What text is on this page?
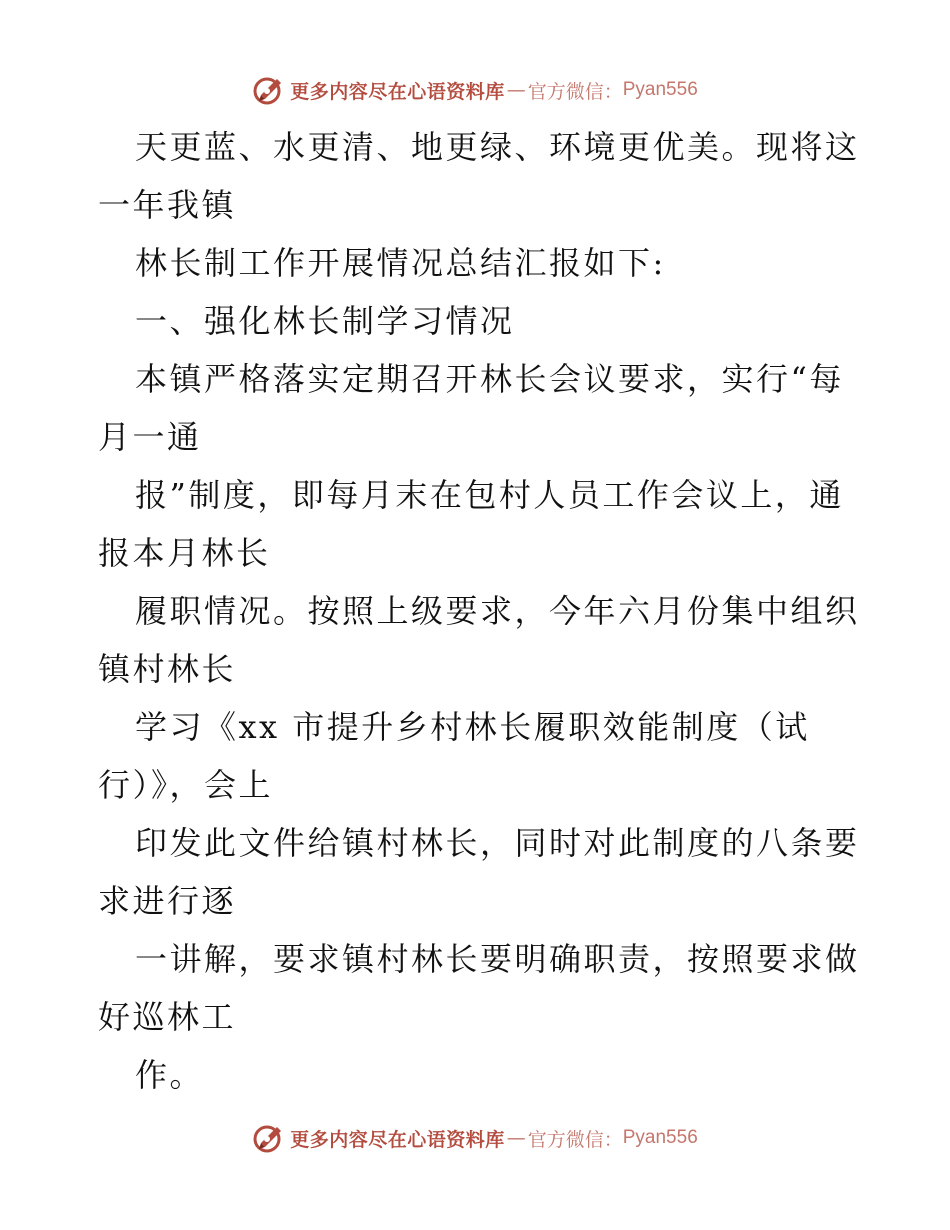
更多内容尽在心语资料库 — 官方微信： Pyan556
天更蓝、水更清、地更绿、环境更优美。现将这
一年我镇
林长制工作开展情况总结汇报如下:
一、强化林长制学习情况
本镇严格落实定期召开林长会议要求，实行“每
月一通
报”制度，即每月末在包村人员工作会议上，通
报本月林长
履职情况。按照上级要求，今年六月份集中组织
镇村林长
学习《xx 市提升乡村林长履职效能制度（试
行）》，会上
印发此文件给镇村林长，同时对此制度的八条要
求进行逐
一讲解，要求镇村林长要明确职责，按照要求做
好巡林工
作。
更多内容尽在心语资料库 — 官方微信： Pyan556
